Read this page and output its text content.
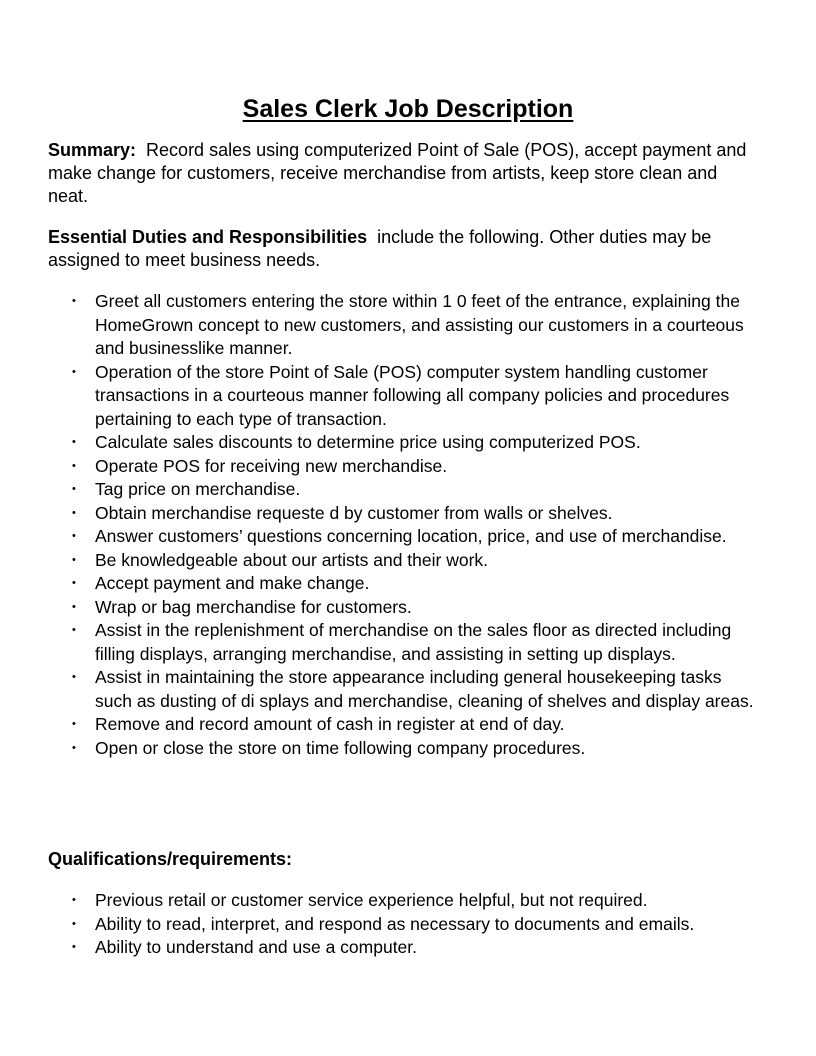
Sales Clerk Job Description

Summary: Record sales using computerized Point of Sale (POS), accept payment and make change for customers, receive merchandise from artists, keep store clean and neat.

Essential Duties and Responsibilities include the following. Other duties may be assigned to meet business needs.

• Greet all customers entering the store within 1 0 feet of the entrance, explaining the HomeGrown concept to new customers, and assisting our customers in a courteous and businesslike manner.
• Operation of the store Point of Sale (POS) computer system handling customer transactions in a courteous manner following all company policies and procedures pertaining to each type of transaction.
• Calculate sales discounts to determine price using computerized POS.
• Operate POS for receiving new merchandise.
• Tag price on merchandise.
• Obtain merchandise requeste d by customer from walls or shelves.
• Answer customers’ questions concerning location, price, and use of merchandise.
• Be knowledgeable about our artists and their work.
• Accept payment and make change.
• Wrap or bag merchandise for customers.
• Assist in the replenishment of merchandise on the sales floor as directed including filling displays, arranging merchandise, and assisting in setting up displays.
• Assist in maintaining the store appearance including general housekeeping tasks such as dusting of di splays and merchandise, cleaning of shelves and display areas.
• Remove and record amount of cash in register at end of day.
• Open or close the store on time following company procedures.

Qualifications/requirements:

• Previous retail or customer service experience helpful, but not required.
• Ability to read, interpret, and respond as necessary to documents and emails.
• Ability to understand and use a computer.
